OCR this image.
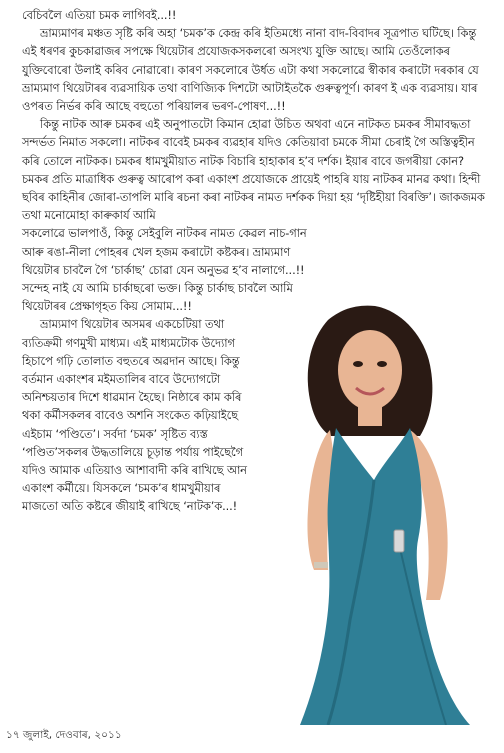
বেচিবলৈ এতিয়া চমক লাগিবই...!!

ভ্ৰাম্যমাণৰ মঞ্চত সৃষ্টি কৰি অহা ‘চমক’ক কেন্দ্ৰ কৰি ইতিমধ্যে নানা বাদ-বিবাদৰ সূত্ৰপাত ঘটিছে। কিন্তু এই ধৰণৰ কুচকাৱাজৰ সপক্ষে থিয়েটাৰ প্ৰযোজকসকলৰো অসংখ্য যুক্তি আছে। আমি তেওঁলোকৰ যুক্তিবোৰো উলাই কৰিব নোৱাৰো। কাৰণ সকলোৰে উৰ্ধত এটা কথা সকলোৱে স্বীকাৰ কৰাটো দৰকাৰ যে ভ্ৰাম্যমাণ থিয়েটাৰৰ ব্যৱসায়িক তথা বাণিজ্যিক দিশটো আটাইতকৈ গুৰুত্বপূৰ্ণ। কাৰণ ই এক ব্যৱসায়। যাৰ ওপৰত নিৰ্ভৰ কৰি আছে বহুতো পৰিয়ালৰ ভৰণ-পোষণ...!!

কিন্তু নাটক আৰু চমকৰ এই অনুপাতটো কিমান হোৱা উচিত অথবা এনে নাটকত চমকৰ সীমাবদ্ধতা সন্দৰ্ভত নিমাত সকলো। নাটকৰ বাবেই চমকৰ ব্যৱহাৰ যদিও কেতিয়াবা চমকে সীমা চেৰাই গৈ অস্তিত্বহীন কৰি তোলে নাটকক। চমকৰ ধামখুমীয়াত নাটক বিচাৰি হাহাকাৰ হ’ব দৰ্শক। ইয়াৰ বাবে জগৰীয়া কোন? চমকৰ প্ৰতি মাত্ৰাধিক গুৰুত্ব আৰোপ কৰা একাংশ প্ৰযোজকে প্ৰায়েই পাহৰি যায় নাটকৰ মানৱ কথা। হিন্দী ছবিৰ কাহিনীৰ জোৰা-তাপলি মাৰি ৰচনা কৰা নাটকৰ নামত দৰ্শকক দিয়া হয় ‘দৃষ্টিহীয়া বিৰক্তি’। জাকজমক তথা মনোমোহা কাৰুকাৰ্য আমি

সকলোৱে ভালপাওঁ, কিন্তু সেইবুলি নাটকৰ নামত কেৱল নাচ-গান আৰু ৰঙা-নীলা পোহৰৰ খেল হজম কৰাটো কষ্টকৰ। ভ্ৰাম্যমাণ থিয়েটাৰ চাবলৈ গৈ ‘চাৰ্কাছ’ চোৱা যেন অনুভৱ হ’ব নালাগে...!! সন্দেহ নাই যে আমি চাৰ্কাছৰো ভক্ত। কিন্তু চাৰ্কাছ চাবলৈ আমি থিয়েটাৰৰ প্ৰেক্ষাগৃহত কিয় সোমাম...!!

ভ্ৰাম্যমাণ থিয়েটাৰ অসমৰ একচেটিয়া তথা ব্যতিক্ৰমী গণমুখী মাধ্যম। এই মাধ্যমটোক উদ্যোগ হিচাপে গঢ়ি তোলাত বহুতৰে অৱদান আছে। কিন্তু বৰ্তমান একাংশৰ মইমতালিৰ বাবে উদ্যোগটো অনিশ্চয়তাৰ দিশে ধাৱমান হৈছে। নিষ্ঠাৰে কাম কৰি থকা কৰ্মীসকলৰ বাবেও অশনি সংকেত কঢ়িয়াইছে এইচাম ‘পণ্ডিতে’। সৰ্বদা ‘চমক’ সৃষ্টিত ব্যস্ত ‘পণ্ডিত’সকলৰ উদ্ধতালিয়ে চূড়ান্ত পৰ্যায় পাইছেগৈ যদিও আমাক এতিয়াও আশাবাদী কৰি ৰাখিছে আন একাংশ কৰ্মীয়ে। যিসকলে ‘চমক’ৰ ধামখুমীয়াৰ মাজতো অতি কষ্টৰে জীয়াই ৰাখিছে ‘নাটক’ক...!

১৭ জুলাই, দেওবাৰ, ২০১১
